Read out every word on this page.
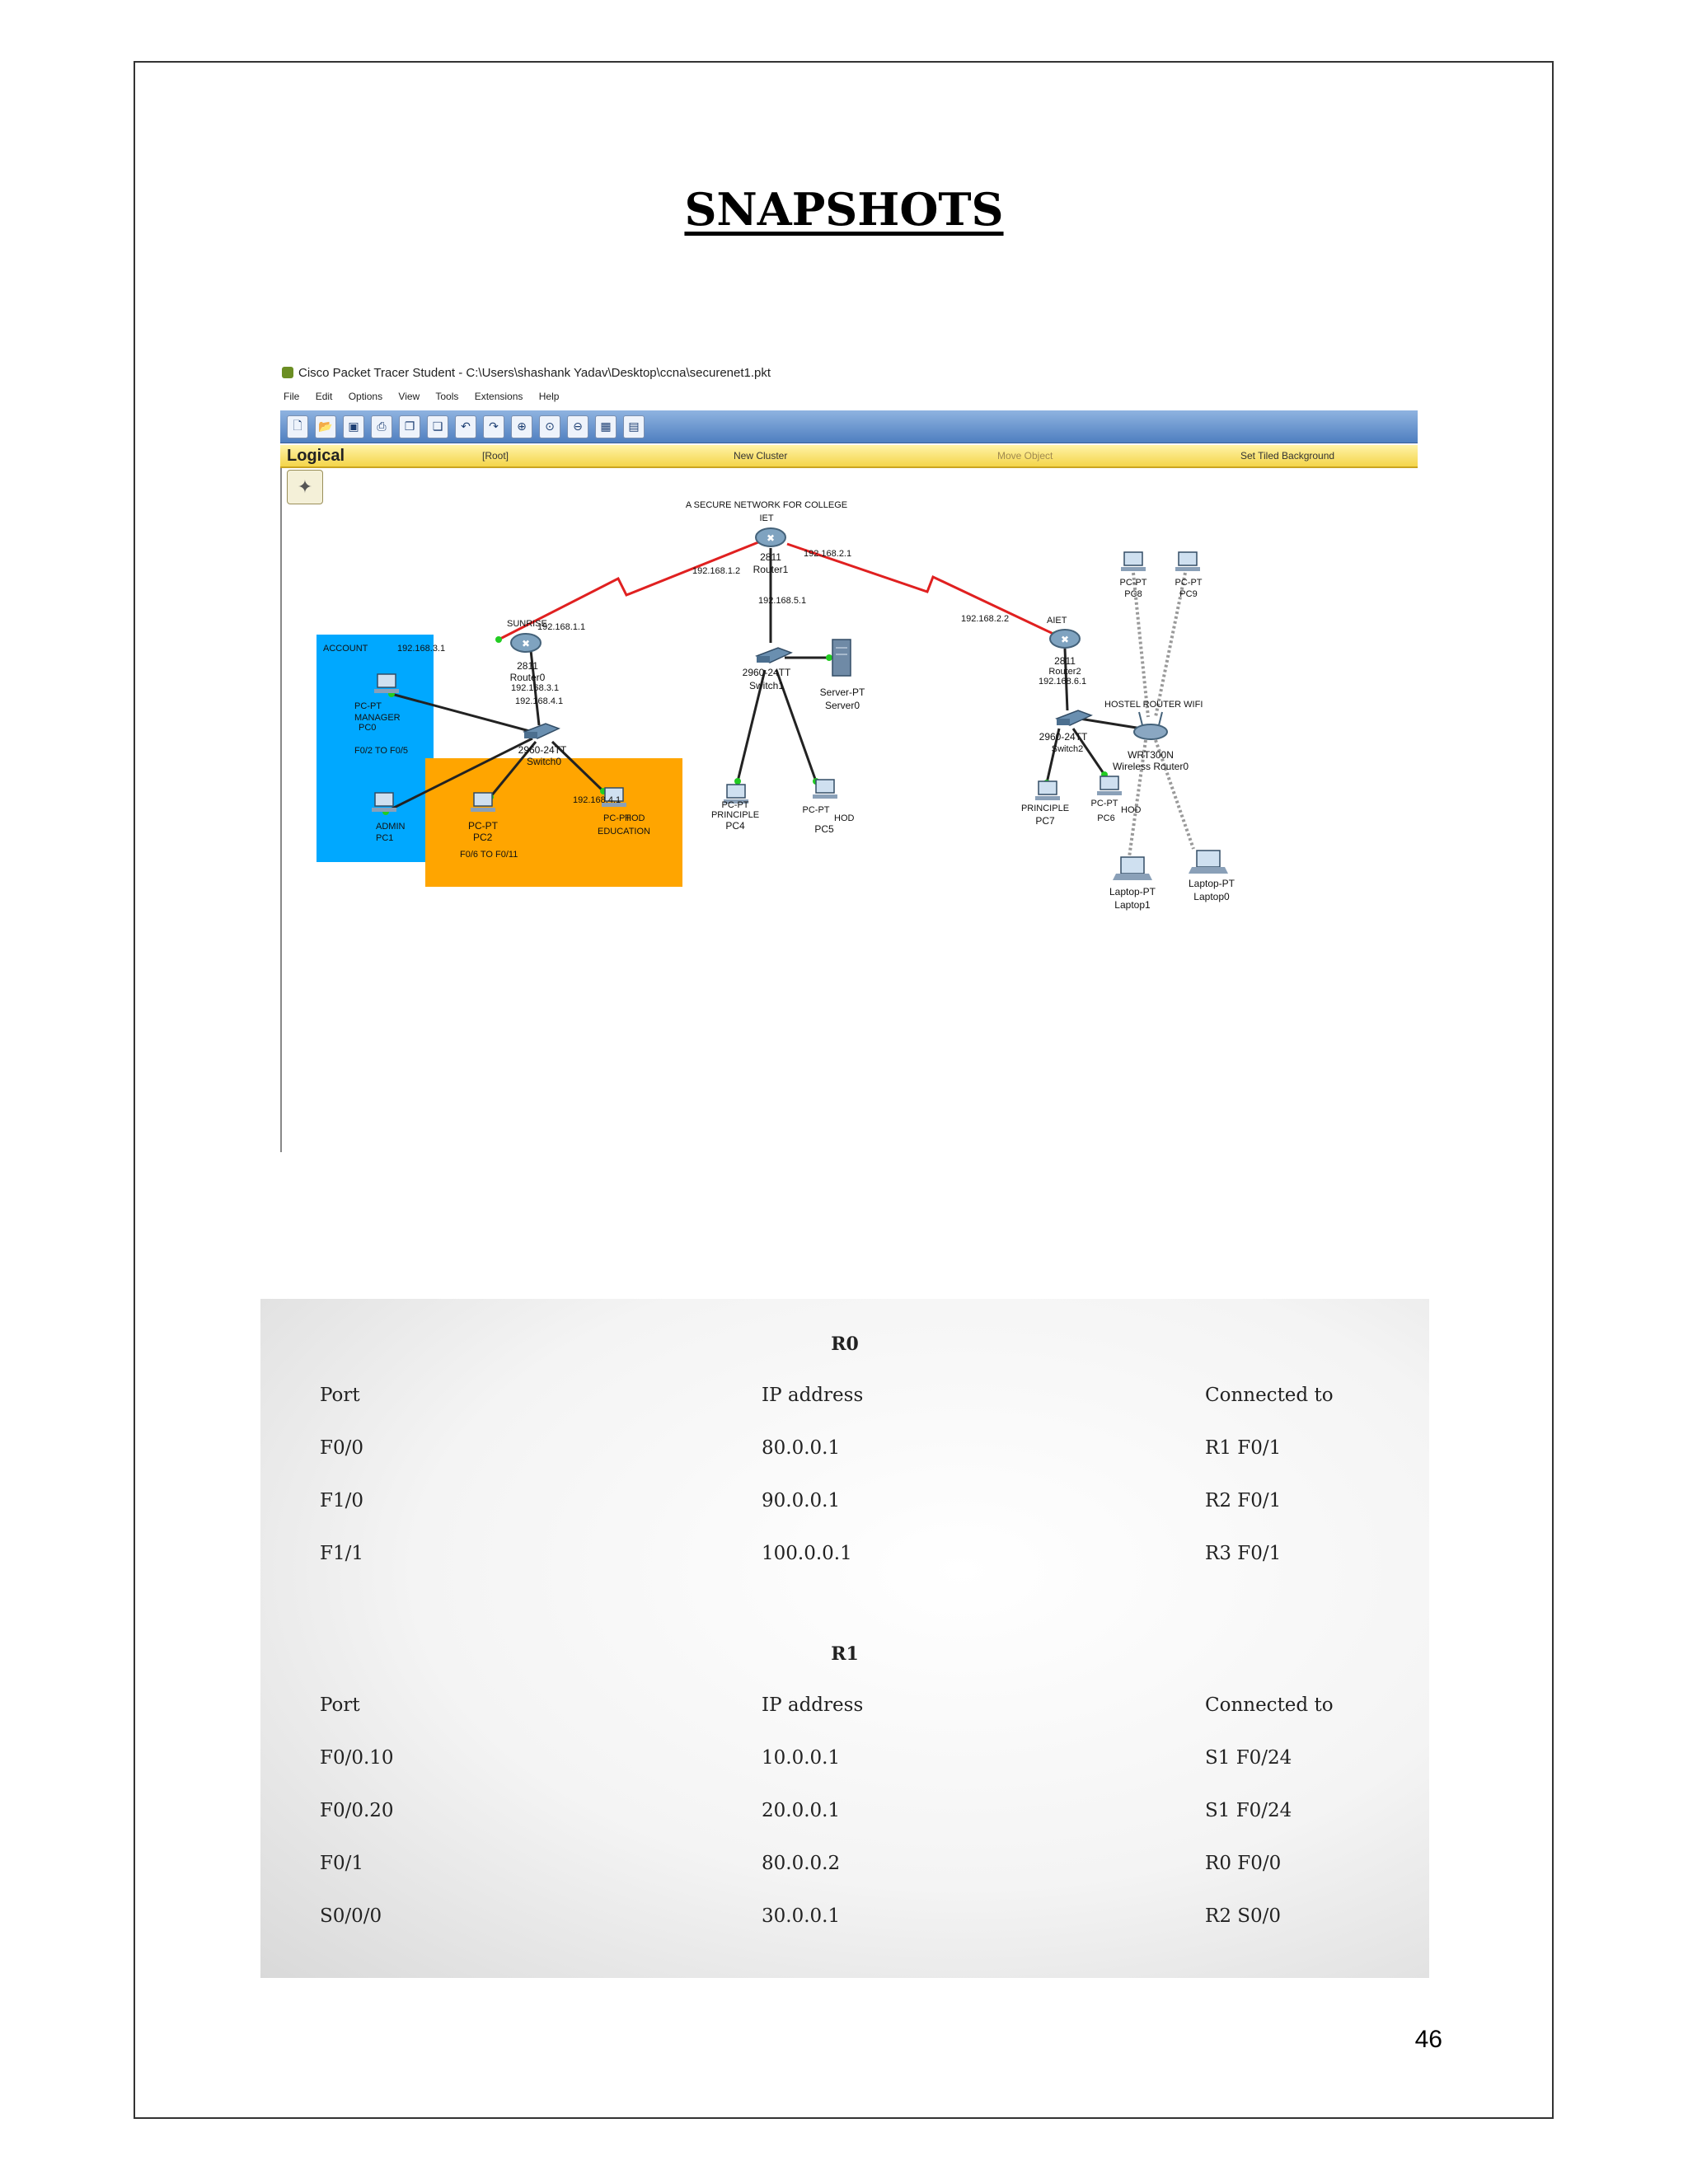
SNAPSHOTS
Cisco Packet Tracer Student - C:\Users\shashank Yadav\Desktop\ccna\securenet1.pkt
File Edit Options View Tools Extensions Help
🗋	📂	▣	⎙	❐	❏	↶	↷	⊕	⊙	⊖	▦	▤
Logical	[Root]	New Cluster	Move Object	Set Tiled Background
✦
✖
✖	✖
A SECURE NETWORK FOR COLLEGE
IET
2811
Router1
192.168.1.2
192.168.2.1
192.168.5.1
SUNRISE
192.168.1.1
2811
Router0
192.168.3.1
192.168.4.1
2960-24TT
Switch0
ACCOUNT	192.168.3.1
PC-PT
MANAGER
PC0
F0/2 TO F0/5
ADMIN
PC1
192.168.4.1
PC-PT
PC2
F0/6 TO F0/11
PC-PT
HOD
EDUCATION
2960-24TT
Switch1
Server-PT
Server0
PRINCIPLE
PC-PT
PC4
PC-PT
HOD
PC5
AIET
192.168.2.2
2811
Router2
192.168.6.1
2960-24TT
Switch2
HOSTEL ROUTER WIFI
WRT300N
Wireless Router0
PRINCIPLE
PC7
PC-PT
HOD
PC6
PC-PT
PC8
PC-PT
PC9
Laptop-PT
Laptop1
Laptop-PT
Laptop0
R0
Port	IP address	Connected to
F0/0	80.0.0.1	R1 F0/1
F1/0	90.0.0.1	R2 F0/1
F1/1	100.0.0.1	R3 F0/1
R1
Port	IP address	Connected to
F0/0.10	10.0.0.1	S1 F0/24
F0/0.20	20.0.0.1	S1 F0/24
F0/1	80.0.0.2	R0 F0/0
S0/0/0	30.0.0.1	R2 S0/0
46
